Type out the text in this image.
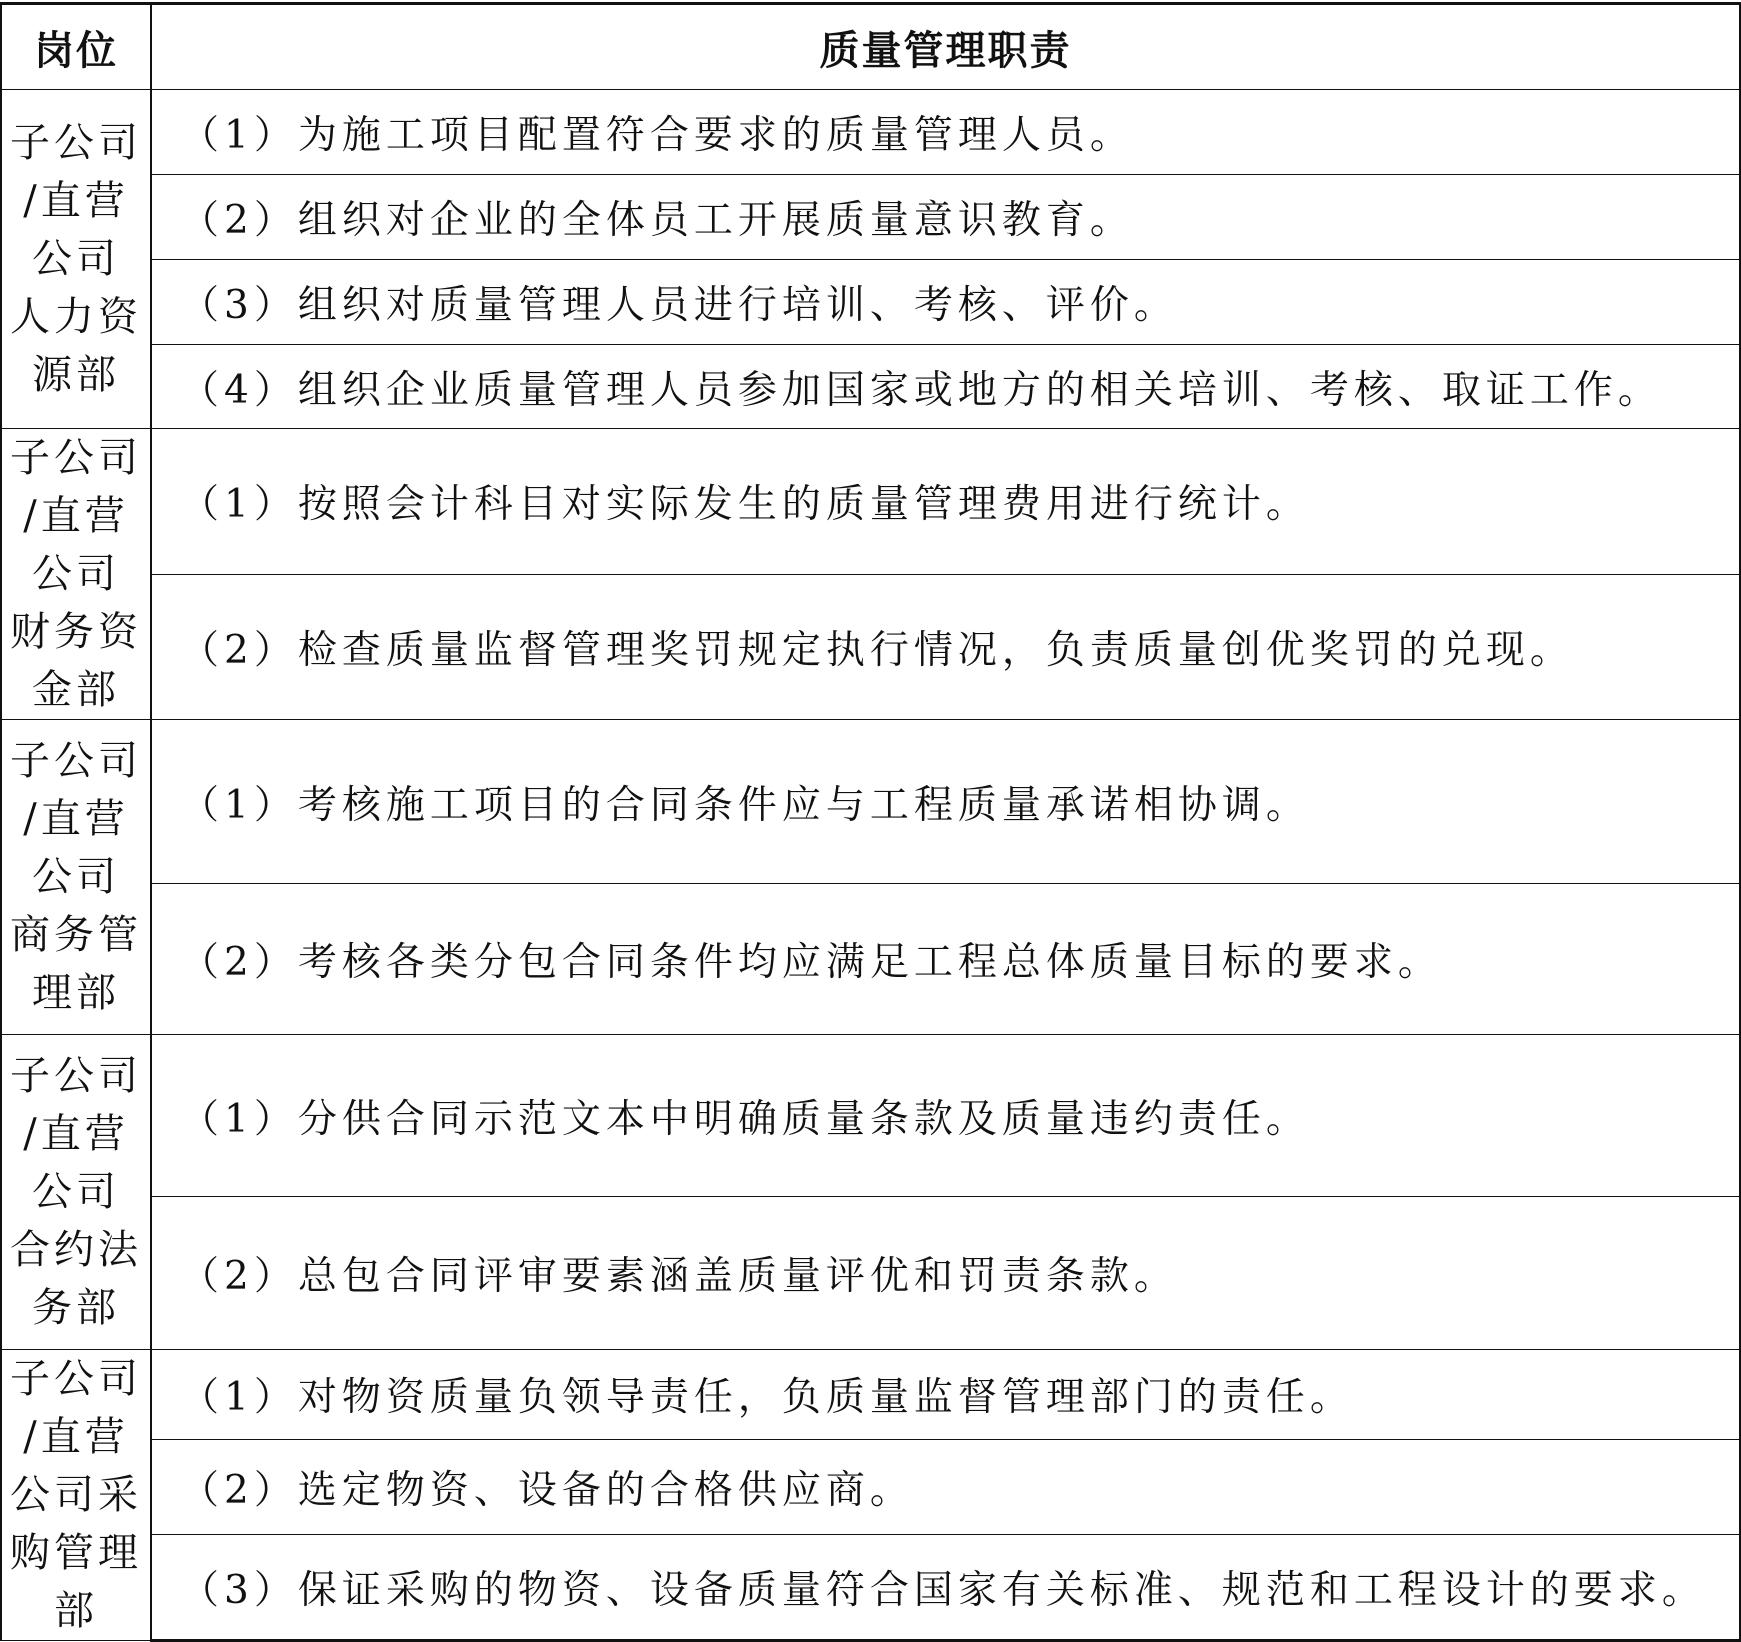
岗位	质量管理职责
子公司
/直营
公司
人力资
源部	（1）为施工项目配置符合要求的质量管理人员。
	（2）组织对企业的全体员工开展质量意识教育。
	（3）组织对质量管理人员进行培训、考核、评价。
	（4）组织企业质量管理人员参加国家或地方的相关培训、考核、取证工作。
子公司
/直营
公司
财务资
金部	（1）按照会计科目对实际发生的质量管理费用进行统计。
	（2）检查质量监督管理奖罚规定执行情况，负责质量创优奖罚的兑现。
子公司
/直营
公司
商务管
理部	（1）考核施工项目的合同条件应与工程质量承诺相协调。
	（2）考核各类分包合同条件均应满足工程总体质量目标的要求。
子公司
/直营
公司
合约法
务部	（1）分供合同示范文本中明确质量条款及质量违约责任。
	（2）总包合同评审要素涵盖质量评优和罚责条款。
子公司
/直营
公司采
购管理
部	（1）对物资质量负领导责任，负质量监督管理部门的责任。
	（2）选定物资、设备的合格供应商。
	（3）保证采购的物资、设备质量符合国家有关标准、规范和工程设计的要求。
